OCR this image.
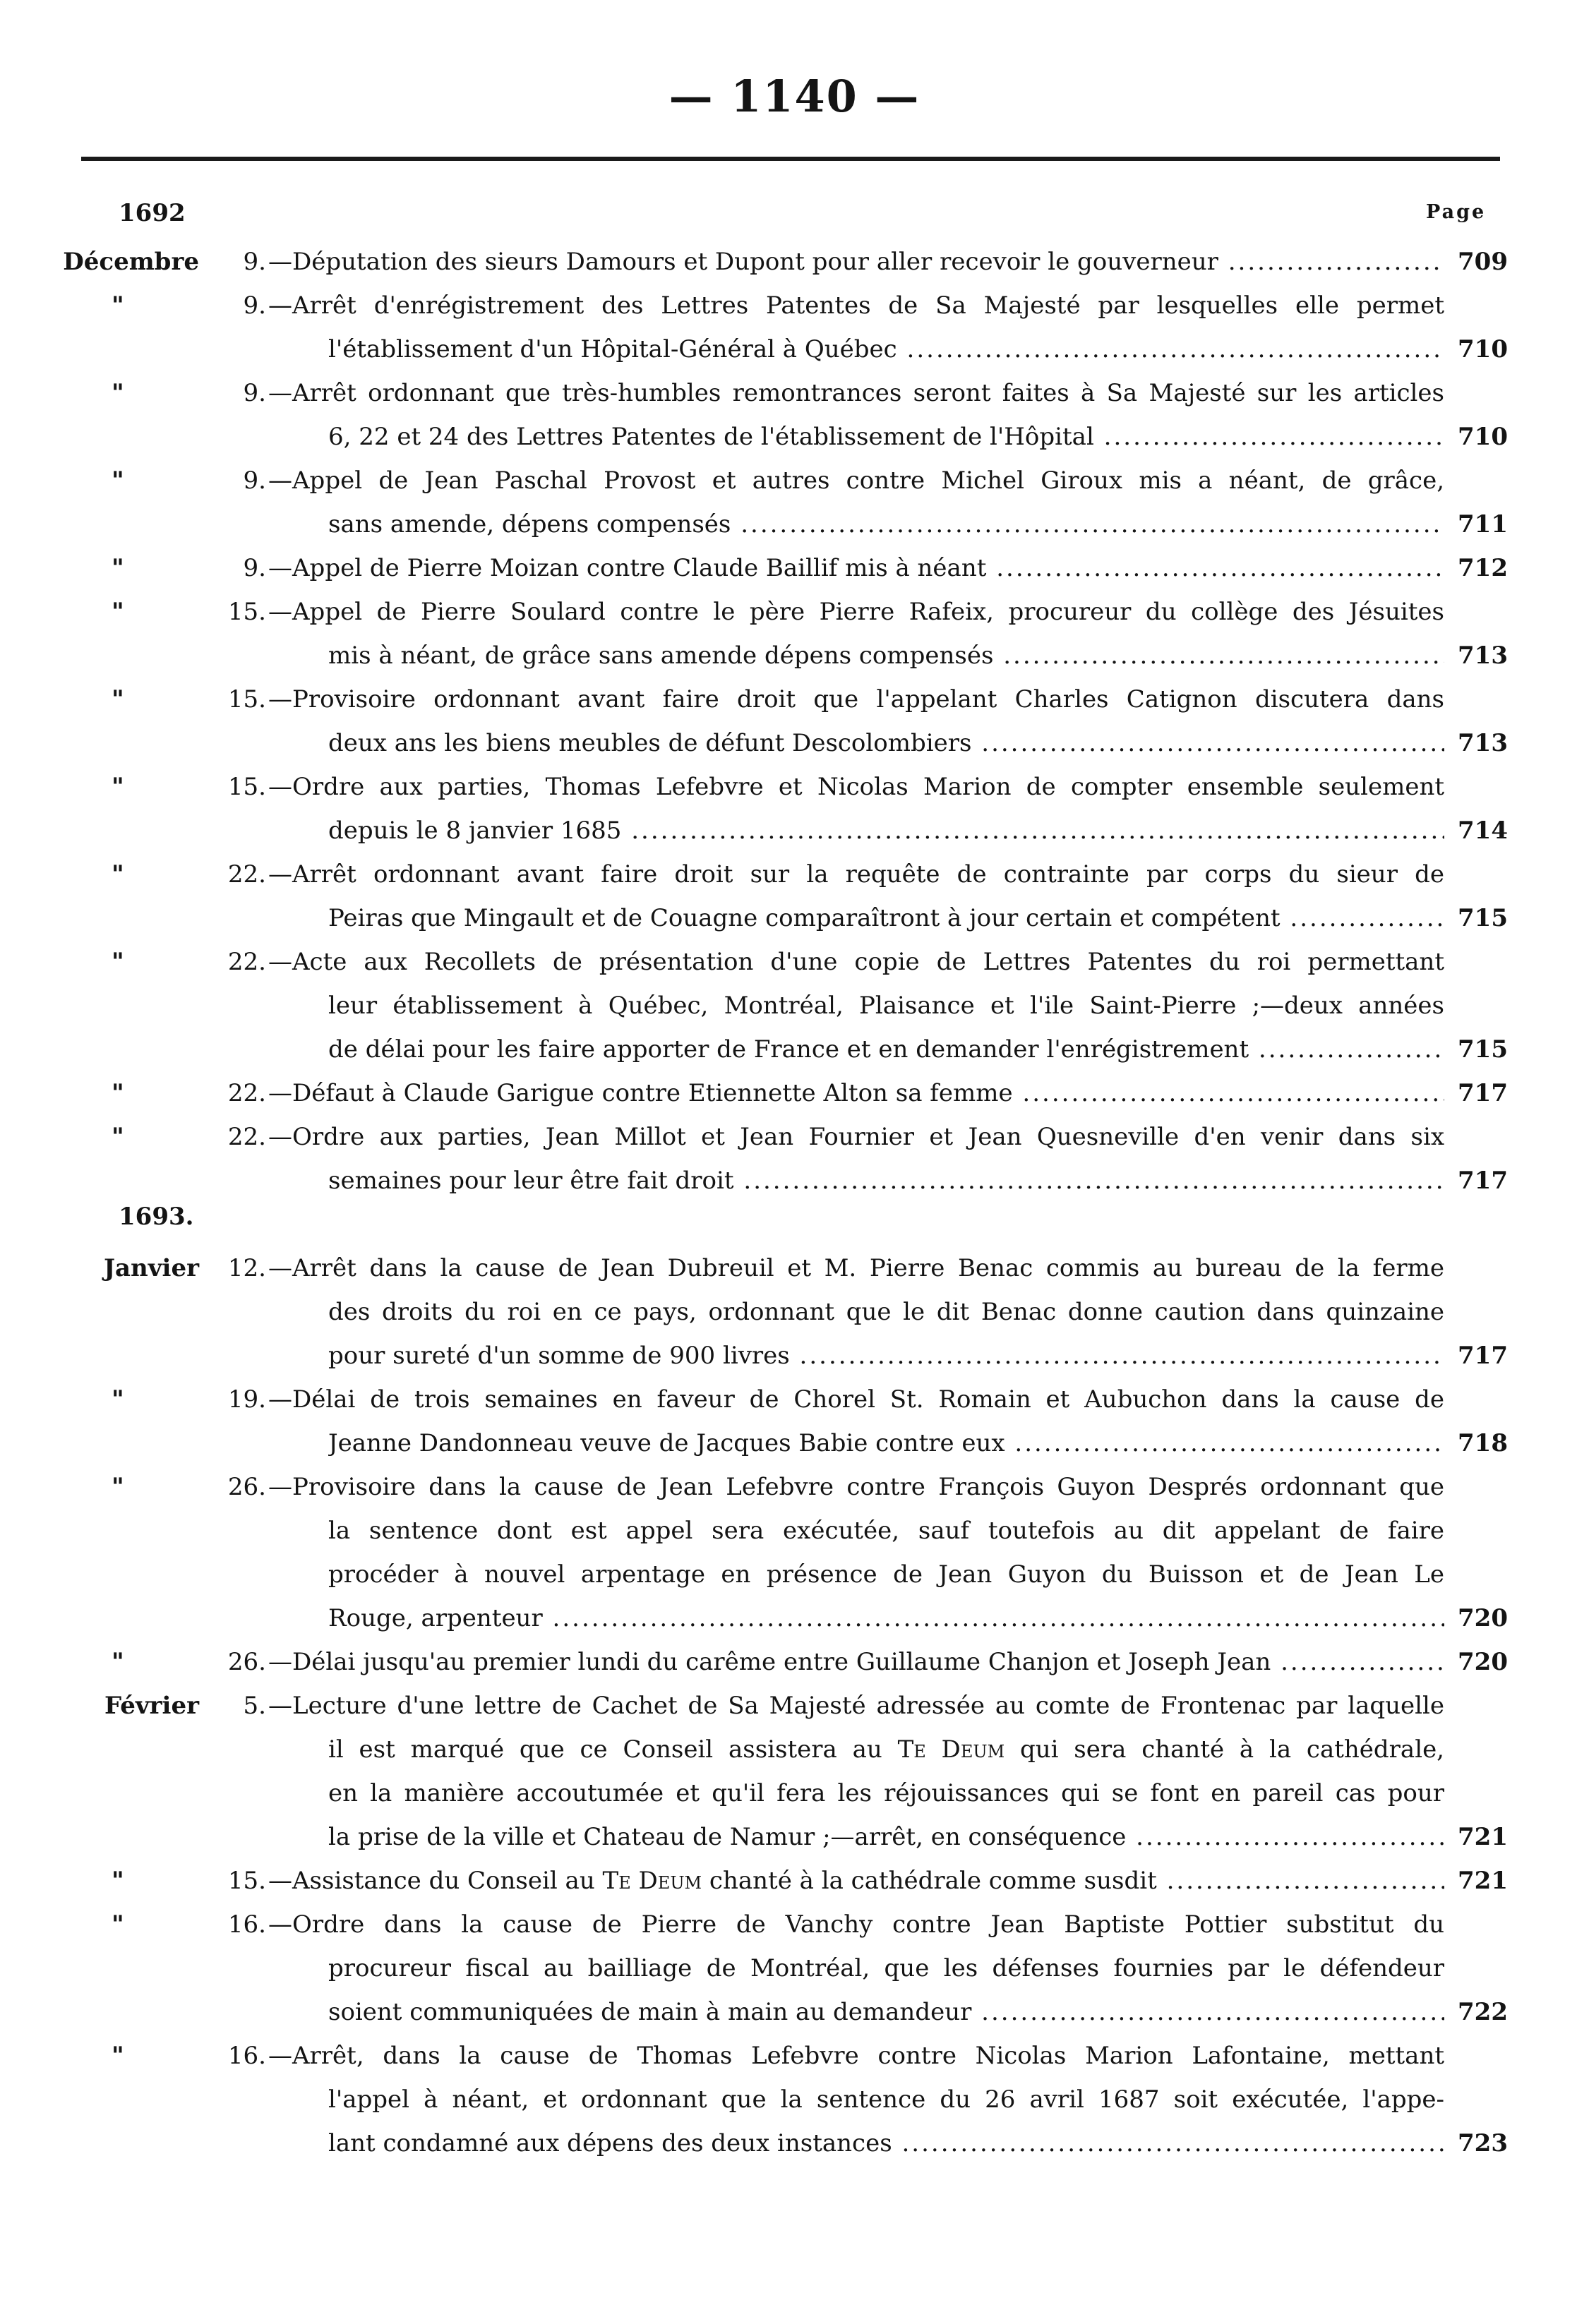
— 1140 —
1692	Page
Décembre	9. —Députation des sieurs Damours et Dupont pour aller recevoir le gouverneur .....	709
"	9. —Arrêt d'enrégistrement des Lettres Patentes de Sa Majesté par lesquelles elle permet
l'établissement d'un Hôpital-Général à Québec .....	710
"	9. —Arrêt ordonnant que très-humbles remontrances seront faites à Sa Majesté sur les articles
6, 22 et 24 des Lettres Patentes de l'établissement de l'Hôpital .....	710
"	9. —Appel de Jean Paschal Provost et autres contre Michel Giroux mis a néant, de grâce,
sans amende, dépens compensés .....	711
"	9. —Appel de Pierre Moizan contre Claude Baillif mis à néant .....	712
"	15. —Appel de Pierre Soulard contre le père Pierre Rafeix, procureur du collège des Jésuites
mis à néant, de grâce sans amende dépens compensés .....	713
"	15. —Provisoire ordonnant avant faire droit que l'appelant Charles Catignon discutera dans
deux ans les biens meubles de défunt Descolombiers .....	713
"	15. —Ordre aux parties, Thomas Lefebvre et Nicolas Marion de compter ensemble seulement
depuis le 8 janvier 1685 .....	714
"	22. —Arrêt ordonnant avant faire droit sur la requête de contrainte par corps du sieur de
Peiras que Mingault et de Couagne comparaîtront à jour certain et compétent .....	715
"	22. —Acte aux Recollets de présentation d'une copie de Lettres Patentes du roi permettant
leur établissement à Québec, Montréal, Plaisance et l'ile Saint-Pierre ;—deux années
de délai pour les faire apporter de France et en demander l'enrégistrement .....	715
"	22. —Défaut à Claude Garigue contre Etiennette Alton sa femme .....	717
"	22. —Ordre aux parties, Jean Millot et Jean Fournier et Jean Quesneville d'en venir dans six
semaines pour leur être fait droit .....	717
1693.
Janvier	12. —Arrêt dans la cause de Jean Dubreuil et M. Pierre Benac commis au bureau de la ferme
des droits du roi en ce pays, ordonnant que le dit Benac donne caution dans quinzaine
pour sureté d'un somme de 900 livres .....	717
"	19. —Délai de trois semaines en faveur de Chorel St. Romain et Aubuchon dans la cause de
Jeanne Dandonneau veuve de Jacques Babie contre eux .....	718
"	26. —Provisoire dans la cause de Jean Lefebvre contre François Guyon Després ordonnant que
la sentence dont est appel sera exécutée, sauf toutefois au dit appelant de faire
procéder à nouvel arpentage en présence de Jean Guyon du Buisson et de Jean Le
Rouge, arpenteur .....	720
"	26. —Délai jusqu'au premier lundi du carême entre Guillaume Chanjon et Joseph Jean .....	720
Février	5. —Lecture d'une lettre de Cachet de Sa Majesté adressée au comte de Frontenac par laquelle
il est marqué que ce Conseil assistera au Te Deum qui sera chanté à la cathédrale,
en la manière accoutumée et qu'il fera les réjouissances qui se font en pareil cas pour
la prise de la ville et Chateau de Namur ;—arrêt, en conséquence .....	721
"	15. —Assistance du Conseil au Te Deum chanté à la cathédrale comme susdit .....	721
"	16. —Ordre dans la cause de Pierre de Vanchy contre Jean Baptiste Pottier substitut du
procureur fiscal au bailliage de Montréal, que les défenses fournies par le défendeur
soient communiquées de main à main au demandeur .....	722
"	16. —Arrêt, dans la cause de Thomas Lefebvre contre Nicolas Marion Lafontaine, mettant
l'appel à néant, et ordonnant que la sentence du 26 avril 1687 soit exécutée, l'appe-
lant condamné aux dépens des deux instances .....	723
